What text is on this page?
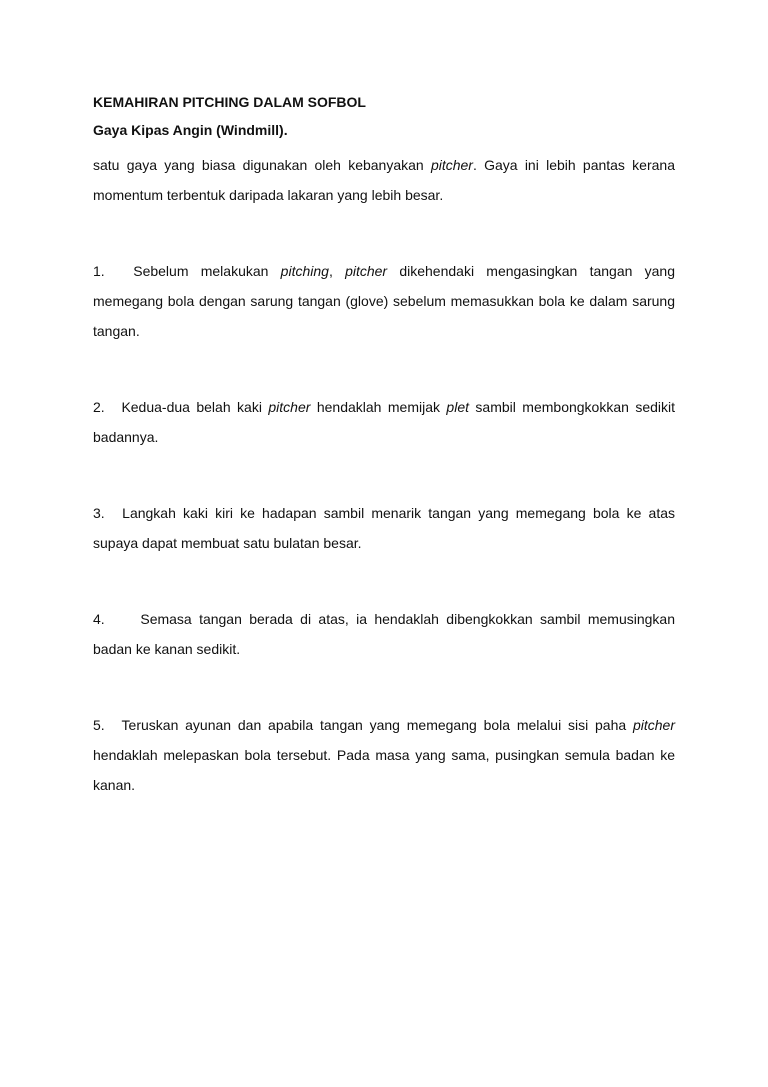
KEMAHIRAN PITCHING DALAM SOFBOL

Gaya Kipas Angin (Windmill).

satu gaya yang biasa digunakan oleh kebanyakan pitcher. Gaya ini lebih pantas kerana momentum terbentuk daripada lakaran yang lebih besar.

1. Sebelum melakukan pitching, pitcher dikehendaki mengasingkan tangan yang memegang bola dengan sarung tangan (glove) sebelum memasukkan bola ke dalam sarung tangan.

2. Kedua-dua belah kaki pitcher hendaklah memijak plet sambil membongkokkan sedikit badannya.

3. Langkah kaki kiri ke hadapan sambil menarik tangan yang memegang bola ke atas supaya dapat membuat satu bulatan besar.

4.	Semasa tangan berada di atas, ia hendaklah dibengkokkan sambil memusingkan badan ke kanan sedikit.

5. Teruskan ayunan dan apabila tangan yang memegang bola melalui sisi paha pitcher hendaklah melepaskan bola tersebut. Pada masa yang sama, pusingkan semula badan ke kanan.
